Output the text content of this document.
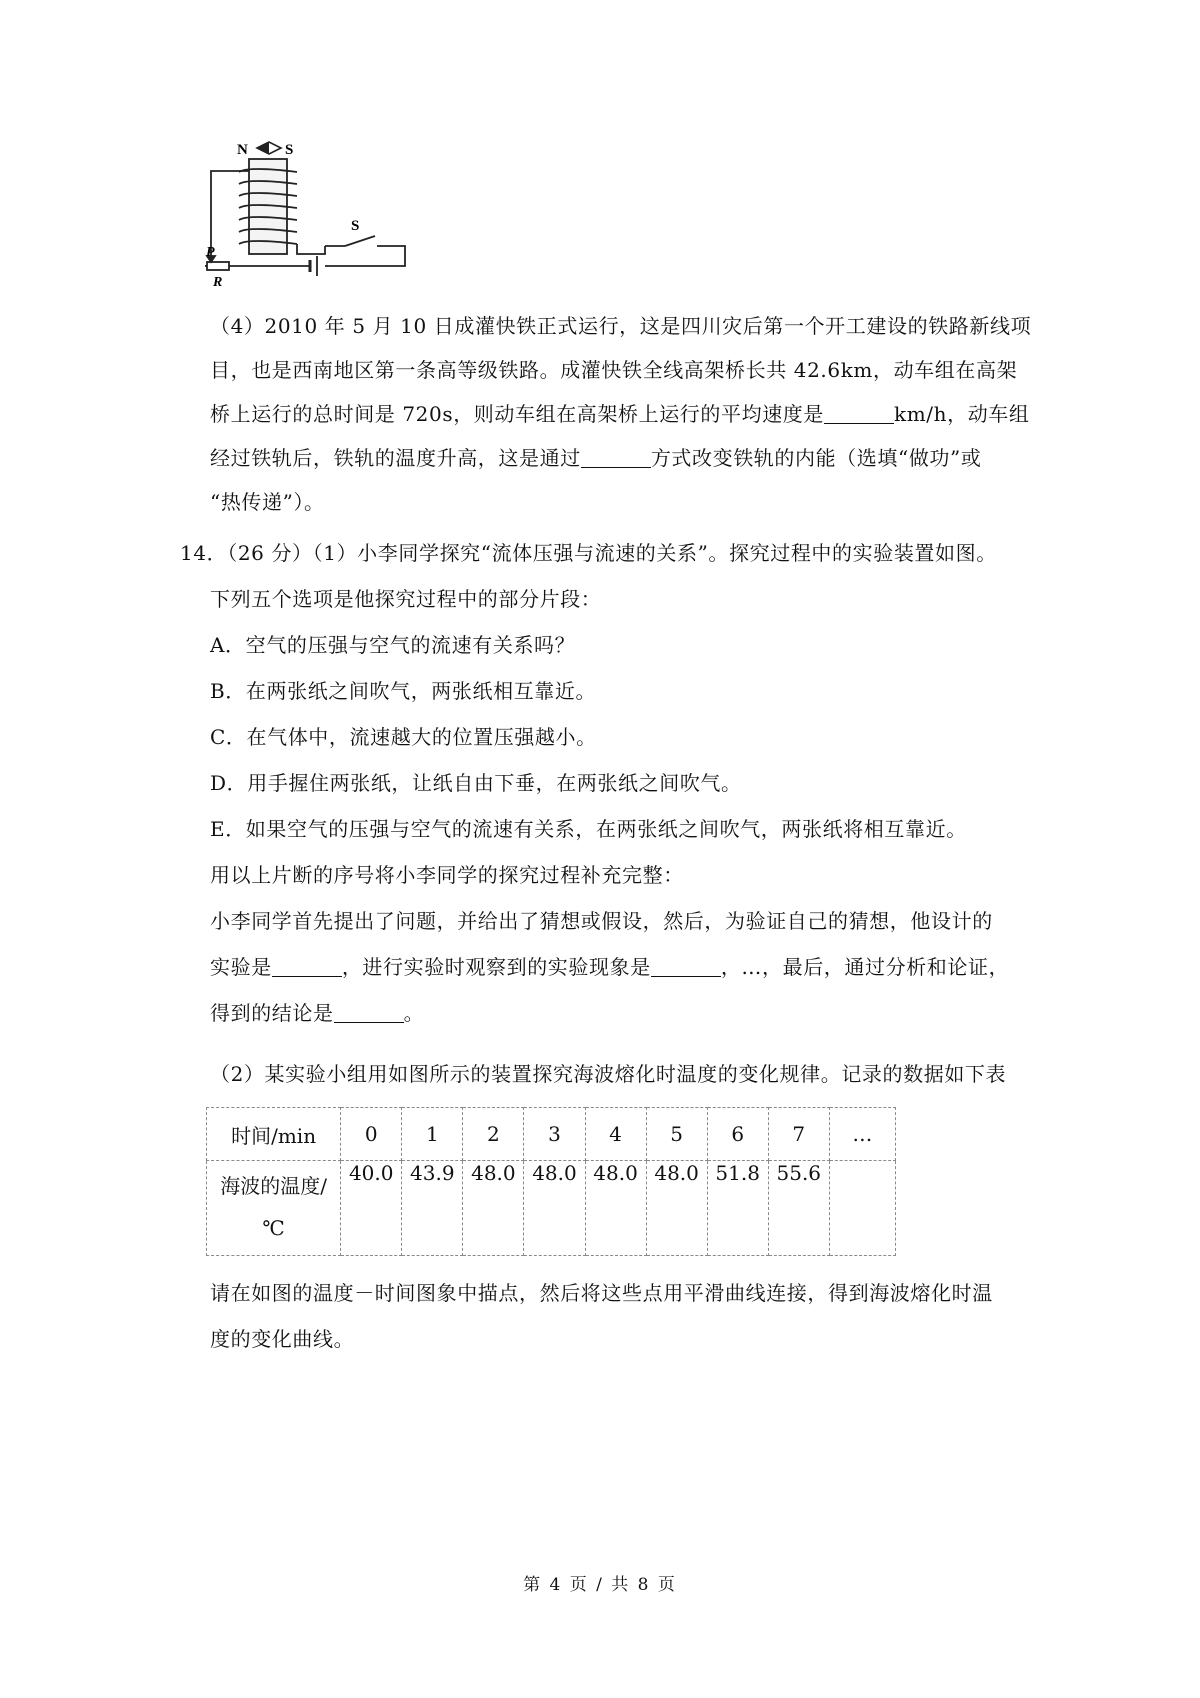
N S
S
P
R
（4）2010 年 5 月 10 日成灌快铁正式运行，这是四川灾后第一个开工建设的铁路新线项
目，也是西南地区第一条高等级铁路。成灌快铁全线高架桥长共 42.6km，动车组在高架
桥上运行的总时间是 720s，则动车组在高架桥上运行的平均速度是	km/h，动车组
经过铁轨后，铁轨的温度升高，这是通过	方式改变铁轨的内能（选填“做功”或
“热传递”）。
14．（26 分）（1）小李同学探究“流体压强与流速的关系”。探究过程中的实验装置如图。
下列五个选项是他探究过程中的部分片段：
A．空气的压强与空气的流速有关系吗？
B．在两张纸之间吹气，两张纸相互靠近。
C．在气体中，流速越大的位置压强越小。
D．用手握住两张纸，让纸自由下垂，在两张纸之间吹气。
E．如果空气的压强与空气的流速有关系，在两张纸之间吹气，两张纸将相互靠近。
用以上片断的序号将小李同学的探究过程补充完整：
小李同学首先提出了问题，并给出了猜想或假设，然后，为验证自己的猜想，他设计的
实验是	，进行实验时观察到的实验现象是	，…，最后，通过分析和论证，
得到的结论是	。
（2）某实验小组用如图所示的装置探究海波熔化时温度的变化规律。记录的数据如下表
时间/min	0	1	2	3	4	5	6	7	…

海波的温度/
℃	40.0	43.9	48.0	48.0	48.0	48.0	51.8	55.6	
请在如图的温度－时间图象中描点，然后将这些点用平滑曲线连接，得到海波熔化时温
度的变化曲线。
第 4 页 / 共 8 页
